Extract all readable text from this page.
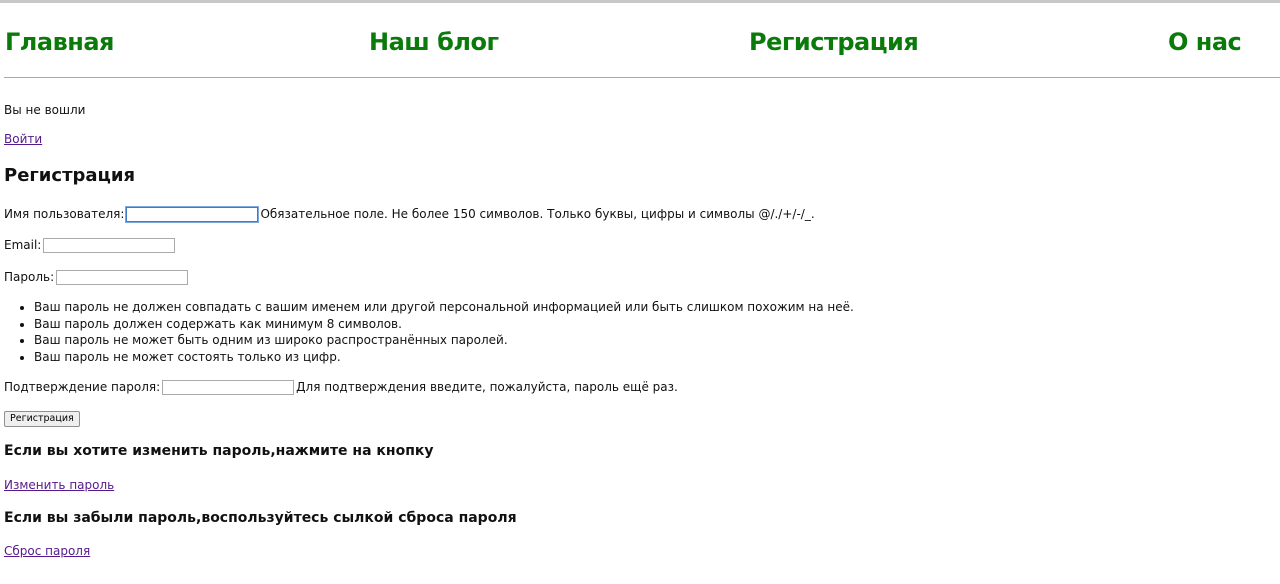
Главная	Наш блог	Регистрация	О нас
Вы не вошли
Войти
Регистрация
Имя пользователя:	Обязательное поле. Не более 150 символов. Только буквы, цифры и символы @/./+/-/_.
Email:
Пароль:
• Ваш пароль не должен совпадать с вашим именем или другой персональной информацией или быть слишком похожим на неё.
• Ваш пароль должен содержать как минимум 8 символов.
• Ваш пароль не может быть одним из широко распространённых паролей.
• Ваш пароль не может состоять только из цифр.
Подтверждение пароля:	Для подтверждения введите, пожалуйста, пароль ещё раз.
Регистрация
Если вы хотите изменить пароль,нажмите на кнопку
Изменить пароль
Если вы забыли пароль,воспользуйтесь сылкой сброса пароля
Сброс пароля
